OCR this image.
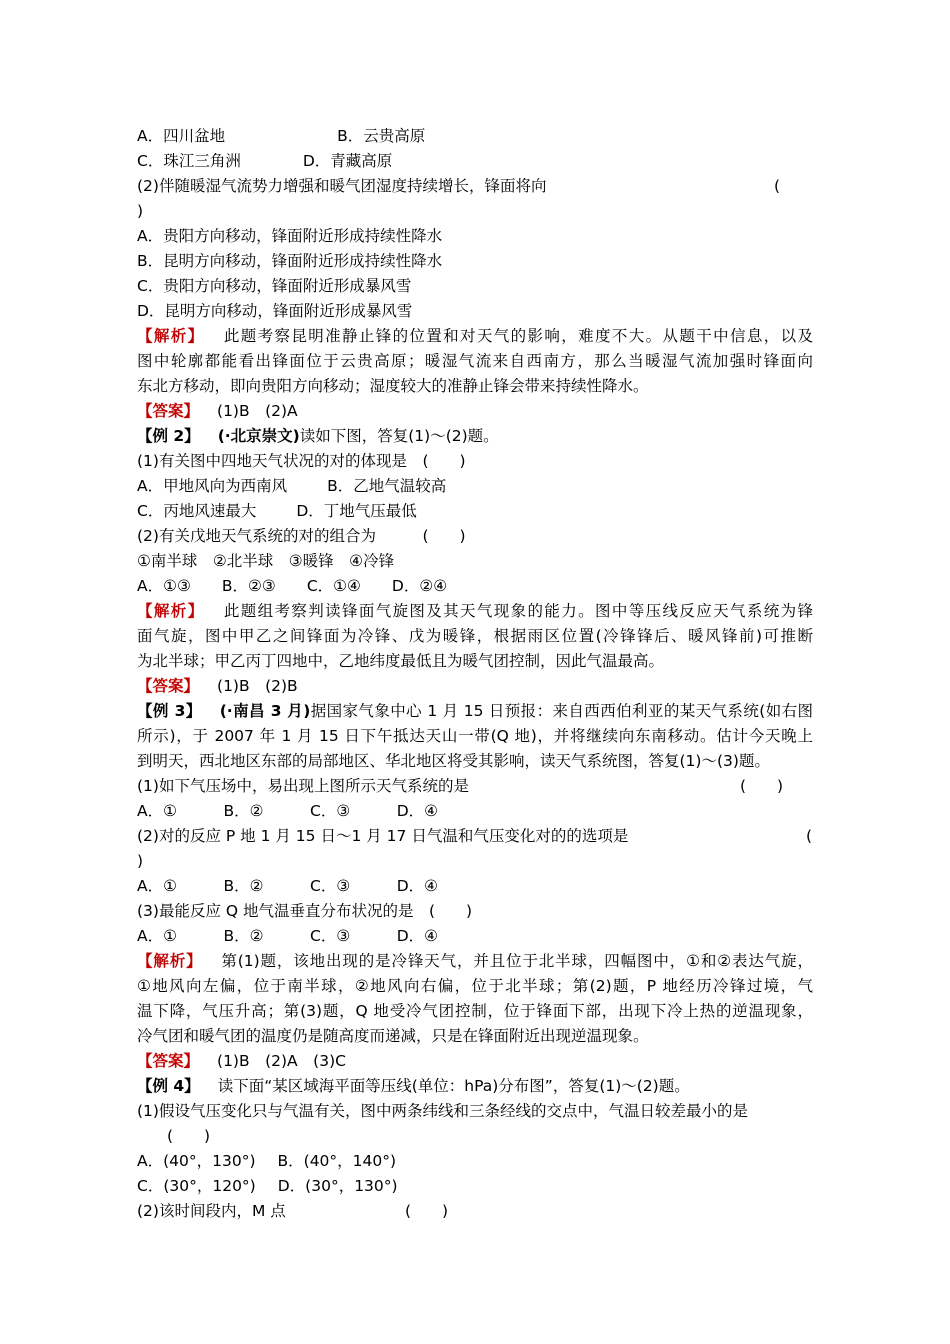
A．四川盆地	B．云贵高原
C．珠江三角洲	D．青藏高原
(2)伴随暖湿气流势力增强和暖气团湿度持续增长，锋面将向	(
)
A．贵阳方向移动，锋面附近形成持续性降水
B．昆明方向移动，锋面附近形成持续性降水
C．贵阳方向移动，锋面附近形成暴风雪
D．昆明方向移动，锋面附近形成暴风雪
【解析】 此题考察昆明准静止锋的位置和对天气的影响，难度不大。从题干中信息，以及
图中轮廓都能看出锋面位于云贵高原；暖湿气流来自西南方，那么当暖湿气流加强时锋面向
东北方移动，即向贵阳方向移动；湿度较大的准静止锋会带来持续性降水。
【答案】 (1)B　(2)A
【例 2】 (·北京崇文)读如下图，答复(1)～(2)题。
(1)有关图中四地天气状况的对的体现是　(　　)
A．甲地风向为西南风	B．乙地气温较高
C．丙地风速最大	D．丁地气压最低
(2)有关戊地天气系统的对的组合为　　　(　　)
①南半球　②北半球　③暖锋　④冷锋
A．①③　　B．②③　　C．①④　　D．②④
【解析】 此题组考察判读锋面气旋图及其天气现象的能力。图中等压线反应天气系统为锋
面气旋，图中甲乙之间锋面为冷锋、戊为暖锋，根据雨区位置(冷锋锋后、暖风锋前)可推断
为北半球；甲乙丙丁四地中，乙地纬度最低且为暖气团控制，因此气温最高。
【答案】 (1)B　(2)B
【例 3】 (·南昌 3 月)据国家气象中心 1 月 15 日预报：来自西西伯利亚的某天气系统(如右图
所示)，于 2007 年 1 月 15 日下午抵达天山一带(Q 地)，并将继续向东南移动。估计今天晚上
到明天，西北地区东部的局部地区、华北地区将受其影响，读天气系统图，答复(1)～(3)题。
(1)如下气压场中，易出现上图所示天气系统的是	(　　)
A．①　　　B．②　　　C．③　　　D．④
(2)对的反应 P 地 1 月 15 日～1 月 17 日气温和气压变化对的的选项是	(
)
A．①　　　B．②　　　C．③　　　D．④
(3)最能反应 Q 地气温垂直分布状况的是　(　　)
A．①　　　B．②　　　C．③　　　D．④
【解析】 第(1)题，该地出现的是冷锋天气，并且位于北半球，四幅图中，①和②表达气旋，
①地风向左偏，位于南半球，②地风向右偏，位于北半球；第(2)题，P 地经历冷锋过境，气
温下降，气压升高；第(3)题，Q 地受冷气团控制，位于锋面下部，出现下冷上热的逆温现象，
冷气团和暖气团的温度仍是随高度而递减，只是在锋面附近出现逆温现象。
【答案】 (1)B　(2)A　(3)C
【例 4】 读下面“某区域海平面等压线(单位：hPa)分布图”，答复(1)～(2)题。
(1)假设气压变化只与气温有关，图中两条纬线和三条经线的交点中，气温日较差最小的是
(　　)
A．(40°，130°) B．(40°，140°)
C．(30°，120°) D．(30°，130°)
(2)该时间段内，M 点	(　　)
